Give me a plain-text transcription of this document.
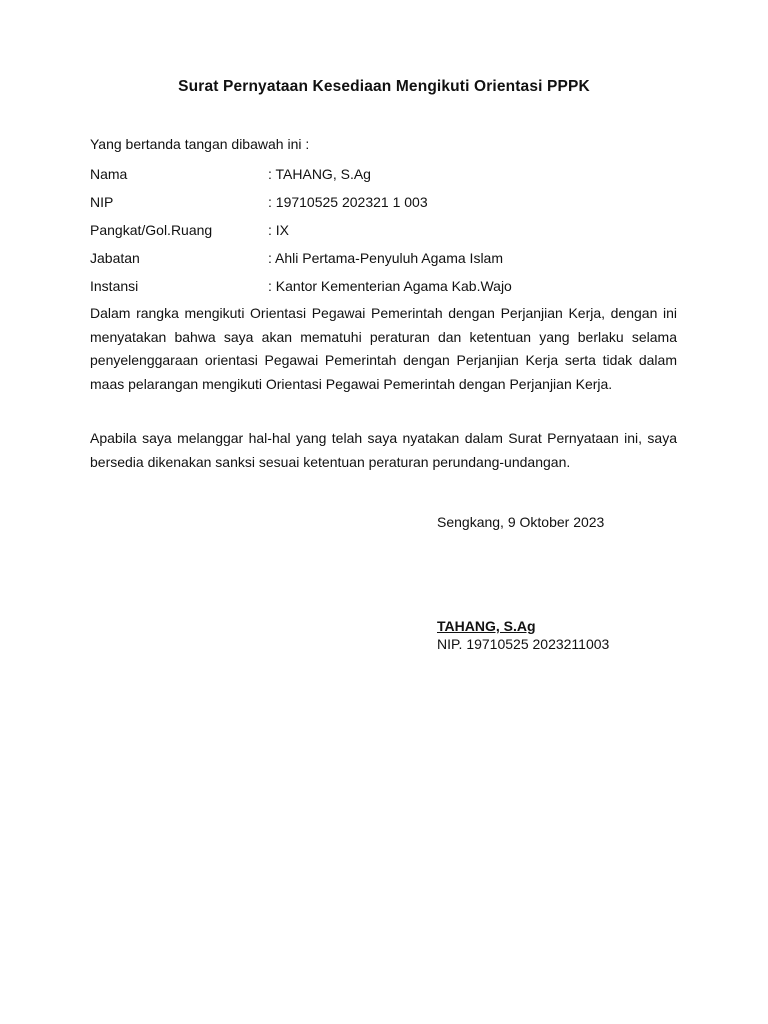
Surat Pernyataan Kesediaan Mengikuti Orientasi PPPK
Yang bertanda tangan dibawah ini :
Nama	: TAHANG, S.Ag
NIP	: 19710525 202321 1 003
Pangkat/Gol.Ruang	: IX
Jabatan	: Ahli Pertama-Penyuluh Agama Islam
Instansi	: Kantor Kementerian Agama Kab.Wajo

Dalam rangka mengikuti Orientasi Pegawai Pemerintah dengan Perjanjian Kerja, dengan ini menyatakan bahwa saya akan mematuhi peraturan dan ketentuan yang berlaku selama penyelenggaraan orientasi Pegawai Pemerintah dengan Perjanjian Kerja serta tidak dalam maas pelarangan mengikuti Orientasi Pegawai Pemerintah dengan Perjanjian Kerja.

Apabila saya melanggar hal-hal yang telah saya nyatakan dalam Surat Pernyataan ini, saya bersedia dikenakan sanksi sesuai ketentuan peraturan perundang-undangan.

Sengkang, 9 Oktober 2023
TAHANG, S.Ag
NIP. 19710525 2023211003
